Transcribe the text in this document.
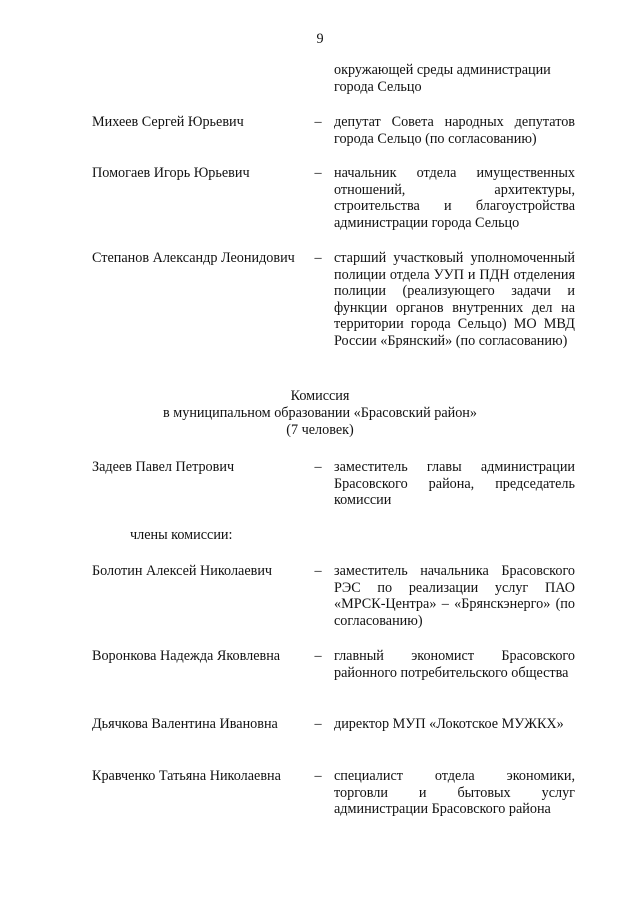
9
окружающей среды администрации города Сельцо
Михеев Сергей Юрьевич	– депутат Совета народных депутатов города Сельцо (по согласованию)
Помогаев Игорь Юрьевич	– начальник отдела имущественных отношений, архитектуры, строительства и благоустройства администрации города Сельцо
Степанов Александр Леонидович – старший участковый уполномоченный полиции отдела УУП и ПДН отделения полиции (реализующего задачи и функции органов внутренних дел на территории города Сельцо) МО МВД России «Брянский» (по согласованию)
Комиссия
в муниципальном образовании «Брасовский район»
(7 человек)
Задеев Павел Петрович	– заместитель главы администрации Брасовского района, председатель комиссии
члены комиссии:
Болотин Алексей Николаевич	– заместитель начальника Брасовского РЭС по реализации услуг ПАО «МРСК-Центра» – «Брянскэнерго» (по согласованию)
Воронкова Надежда Яковлевна – главный экономист Брасовского районного потребительского общества
Дьячкова Валентина Ивановна	– директор МУП «Локотское МУЖКХ»
Кравченко Татьяна Николаевна – специалист отдела экономики, торговли и бытовых услуг администрации Брасовского района
